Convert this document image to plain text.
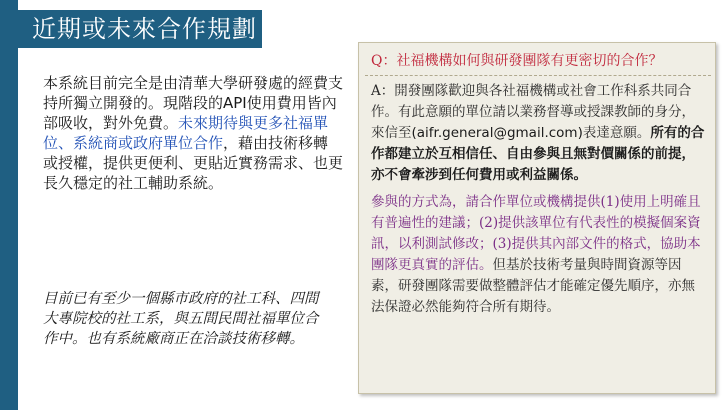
近期或未來合作規劃
本系統目前完全是由清華大學研發處的經費支持所獨立開發的。現階段的API使用費用皆內部吸收，對外免費。未來期待與更多社福單位、系統商或政府單位合作，藉由技術移轉或授權，提供更便利、更貼近實務需求、也更長久穩定的社工輔助系統。
目前已有至少一個縣市政府的社工科、四間大專院校的社工系，與五間民間社福單位合作中。也有系統廠商正在洽談技術移轉。
Q：社福機構如何與研發團隊有更密切的合作？

A：開發團隊歡迎與各社福機構或社會工作科系共同合作。有此意願的單位請以業務督導或授課教師的身分，來信至(aifr.general@gmail.com)表達意願。所有的合作都建立於互相信任、自由參與且無對價關係的前提，亦不會牽涉到任何費用或利益關係。

參與的方式為，請合作單位或機構提供(1)使用上明確且有普遍性的建議；(2)提供該單位有代表性的模擬個案資訊，以利測試修改；(3)提供其內部文件的格式，協助本團隊更真實的評估。但基於技術考量與時間資源等因素，研發團隊需要做整體評估才能確定優先順序，亦無法保證必然能夠符合所有期待。
